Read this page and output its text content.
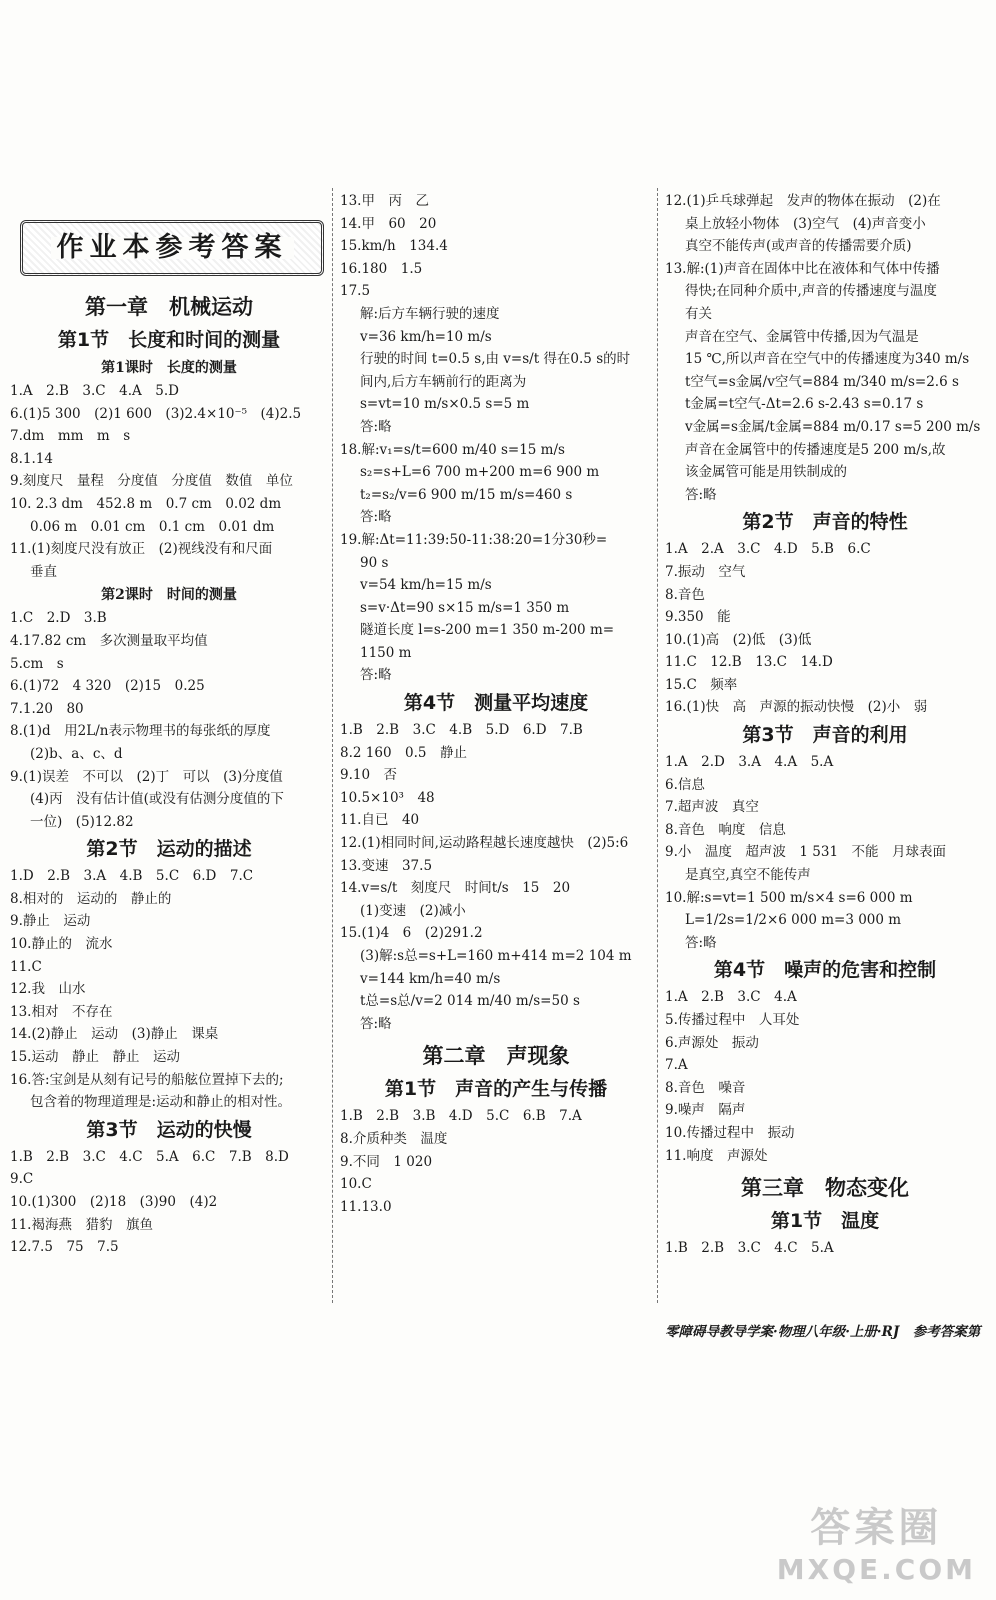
作业本参考答案
第一章　机械运动
第1节　长度和时间的测量
第1课时　长度的测量
1.A　2.B　3.C　4.A　5.D
6.(1)5 300　(2)1 600　(3)2.4×10⁻⁵　(4)2.5
7.dm　mm　m　s
8.1.14
9.刻度尺　量程　分度值　分度值　数值　单位
10. 2.3 dm　452.8 m　0.7 cm　0.02 dm
0.06 m　0.01 cm　0.1 cm　0.01 dm
11.(1)刻度尺没有放正　(2)视线没有和尺面
垂直
第2课时　时间的测量
1.C　2.D　3.B
4.17.82 cm　多次测量取平均值
5.cm　s
6.(1)72　4 320　(2)15　0.25
7.1.20　80
8.(1)d　用2L/n表示物理书的每张纸的厚度
(2)b、a、c、d
9.(1)误差　不可以　(2)丁　可以　(3)分度值
(4)丙　没有估计值(或没有估测分度值的下
一位)　(5)12.82
第2节　运动的描述
1.D　2.B　3.A　4.B　5.C　6.D　7.C
8.相对的　运动的　静止的
9.静止　运动
10.静止的　流水
11.C
12.我　山水
13.相对　不存在
14.(2)静止　运动　(3)静止　课桌
15.运动　静止　静止　运动
16.答:宝剑是从刻有记号的船舷位置掉下去的;
包含着的物理道理是:运动和静止的相对性。
第3节　运动的快慢
1.B　2.B　3.C　4.C　5.A　6.C　7.B　8.D
9.C
10.(1)300　(2)18　(3)90　(4)2
11.褐海燕　猎豹　旗鱼
12.7.5　75　7.5
13.甲　丙　乙
14.甲　60　20
15.km/h　134.4
16.180　1.5
17.5
解:后方车辆行驶的速度
v=36 km/h=10 m/s
行驶的时间 t=0.5 s,由 v=s/t 得在0.5 s的时
间内,后方车辆前行的距离为
s=vt=10 m/s×0.5 s=5 m
答:略
18.解:v₁=s/t=600 m/40 s=15 m/s
s₂=s+L=6 700 m+200 m=6 900 m
t₂=s₂/v=6 900 m/15 m/s=460 s
答:略
19.解:Δt=11:39:50-11:38:20=1分30秒=
90 s
v=54 km/h=15 m/s
s=v·Δt=90 s×15 m/s=1 350 m
隧道长度 l=s-200 m=1 350 m-200 m=
1150 m
答:略
第4节　测量平均速度
1.B　2.B　3.C　4.B　5.D　6.D　7.B
8.2 160　0.5　静止
9.10　否
10.5×10³　48
11.自已　40
12.(1)相同时间,运动路程越长速度越快　(2)5:6
13.变速　37.5
14.v=s/t　刻度尺　时间t/s　15　20
(1)变速　(2)减小
15.(1)4　6　(2)291.2
(3)解:s总=s+L=160 m+414 m=2 104 m
v=144 km/h=40 m/s
t总=s总/v=2 014 m/40 m/s=50 s
答:略
第二章　声现象
第1节　声音的产生与传播
1.B　2.B　3.B　4.D　5.C　6.B　7.A
8.介质种类　温度
9.不同　1 020
10.C
11.13.0
12.(1)乒乓球弹起　发声的物体在振动　(2)在
桌上放轻小物体　(3)空气　(4)声音变小
真空不能传声(或声音的传播需要介质)
13.解:(1)声音在固体中比在液体和气体中传播
得快;在同种介质中,声音的传播速度与温度
有关
声音在空气、金属管中传播,因为气温是
15 ℃,所以声音在空气中的传播速度为340 m/s
t空气=s金属/v空气=884 m/340 m/s=2.6 s
t金属=t空气-Δt=2.6 s-2.43 s=0.17 s
v金属=s金属/t金属=884 m/0.17 s=5 200 m/s
声音在金属管中的传播速度是5 200 m/s,故
该金属管可能是用铁制成的
答:略
第2节　声音的特性
1.A　2.A　3.C　4.D　5.B　6.C
7.振动　空气
8.音色
9.350　能
10.(1)高　(2)低　(3)低
11.C　12.B　13.C　14.D
15.C　频率
16.(1)快　高　声源的振动快慢　(2)小　弱
第3节　声音的利用
1.A　2.D　3.A　4.A　5.A
6.信息
7.超声波　真空
8.音色　响度　信息
9.小　温度　超声波　1 531　不能　月球表面
是真空,真空不能传声
10.解:s=vt=1 500 m/s×4 s=6 000 m
L=1/2s=1/2×6 000 m=3 000 m
答:略
第4节　噪声的危害和控制
1.A　2.B　3.C　4.A
5.传播过程中　人耳处
6.声源处　振动
7.A
8.音色　噪音
9.噪声　隔声
10.传播过程中　振动
11.响度　声源处
第三章　物态变化
第1节　温度
1.B　2.B　3.C　4.C　5.A
零障碍导教导学案·物理八年级·上册·RJ　参考答案第
答案圈
MXQE.COM
